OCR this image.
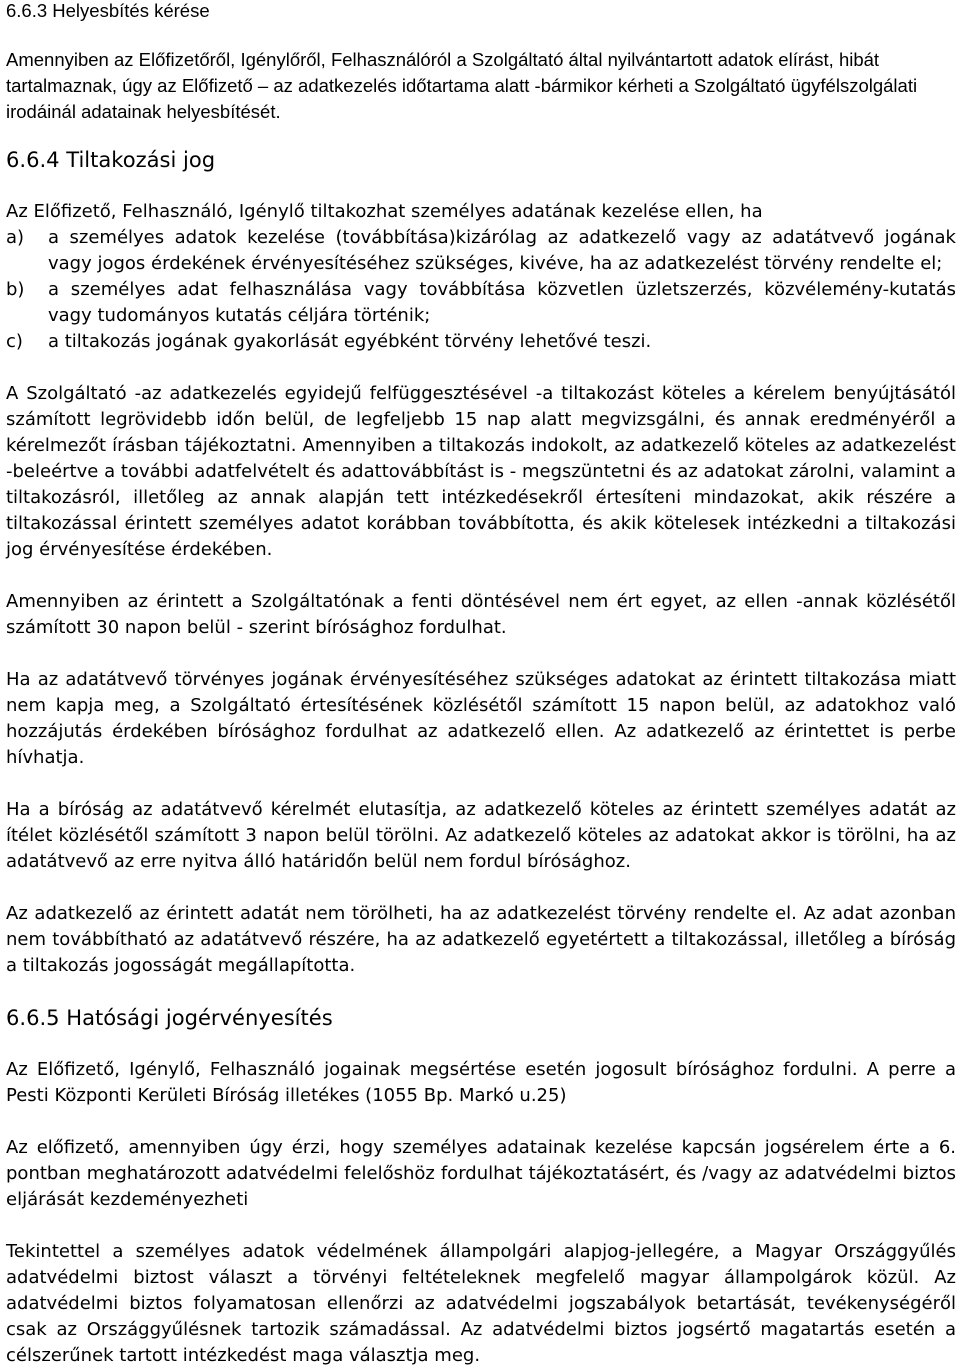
6.6.3 Helyesbítés kérése

Amennyiben az Előfizetőről, Igénylőről, Felhasználóról a Szolgáltató által nyilvántartott adatok elírást, hibát tartalmaznak, úgy az Előfizető – az adatkezelés időtartama alatt -bármikor kérheti a Szolgáltató ügyfélszolgálati irodáinál adatainak helyesbítését.

6.6.4 Tiltakozási jog

Az Előfizető, Felhasználó, Igénylő tiltakozhat személyes adatának kezelése ellen, ha

a)	a személyes adatok kezelése (továbbítása)kizárólag az adatkezelő vagy az adatátvevő jogának vagy jogos érdekének érvényesítéséhez szükséges, kivéve, ha az adatkezelést törvény rendelte el;
b)	a személyes adat felhasználása vagy továbbítása közvetlen üzletszerzés, közvélemény-kutatás vagy tudományos kutatás céljára történik;
c)	a tiltakozás jogának gyakorlását egyébként törvény lehetővé teszi.

A Szolgáltató -az adatkezelés egyidejű felfüggesztésével -a tiltakozást köteles a kérelem benyújtásától számított legrövidebb időn belül, de legfeljebb 15 nap alatt megvizsgálni, és annak eredményéről a kérelmezőt írásban tájékoztatni. Amennyiben a tiltakozás indokolt, az adatkezelő köteles az adatkezelést -beleértve a további adatfelvételt és adattovábbítást is - megszüntetni és az adatokat zárolni, valamint a tiltakozásról, illetőleg az annak alapján tett intézkedésekről értesíteni mindazokat, akik részére a tiltakozással érintett személyes adatot korábban továbbította, és akik kötelesek intézkedni a tiltakozási jog érvényesítése érdekében.

Amennyiben az érintett a Szolgáltatónak a fenti döntésével nem ért egyet, az ellen -annak közlésétől számított 30 napon belül - szerint bírósághoz fordulhat.

Ha az adatátvevő törvényes jogának érvényesítéséhez szükséges adatokat az érintett tiltakozása miatt nem kapja meg, a Szolgáltató értesítésének közlésétől számított 15 napon belül, az adatokhoz való hozzájutás érdekében bírósághoz fordulhat az adatkezelő ellen. Az adatkezelő az érintettet is perbe hívhatja.

Ha a bíróság az adatátvevő kérelmét elutasítja, az adatkezelő köteles az érintett személyes adatát az ítélet közlésétől számított 3 napon belül törölni. Az adatkezelő köteles az adatokat akkor is törölni, ha az adatátvevő az erre nyitva álló határidőn belül nem fordul bírósághoz.

Az adatkezelő az érintett adatát nem törölheti, ha az adatkezelést törvény rendelte el. Az adat azonban nem továbbítható az adatátvevő részére, ha az adatkezelő egyetértett a tiltakozással, illetőleg a bíróság a tiltakozás jogosságát megállapította.

6.6.5 Hatósági jogérvényesítés

Az Előfizető, Igénylő, Felhasználó jogainak megsértése esetén jogosult bírósághoz fordulni. A perre a Pesti Központi Kerületi Bíróság illetékes (1055 Bp. Markó u.25)

Az előfizető, amennyiben úgy érzi, hogy személyes adatainak kezelése kapcsán jogsérelem érte a 6. pontban meghatározott adatvédelmi felelőshöz fordulhat tájékoztatásért, és /vagy az adatvédelmi biztos eljárását kezdeményezheti

Tekintettel a személyes adatok védelmének állampolgári alapjog-jellegére, a Magyar Országgyűlés adatvédelmi biztost választ a törvényi feltételeknek megfelelő magyar állampolgárok közül. Az adatvédelmi biztos folyamatosan ellenőrzi az adatvédelmi jogszabályok betartását, tevékenységéről csak az Országgyűlésnek tartozik számadással. Az adatvédelmi biztos jogsértő magatartás esetén a célszerűnek tartott intézkedést maga választja meg.
